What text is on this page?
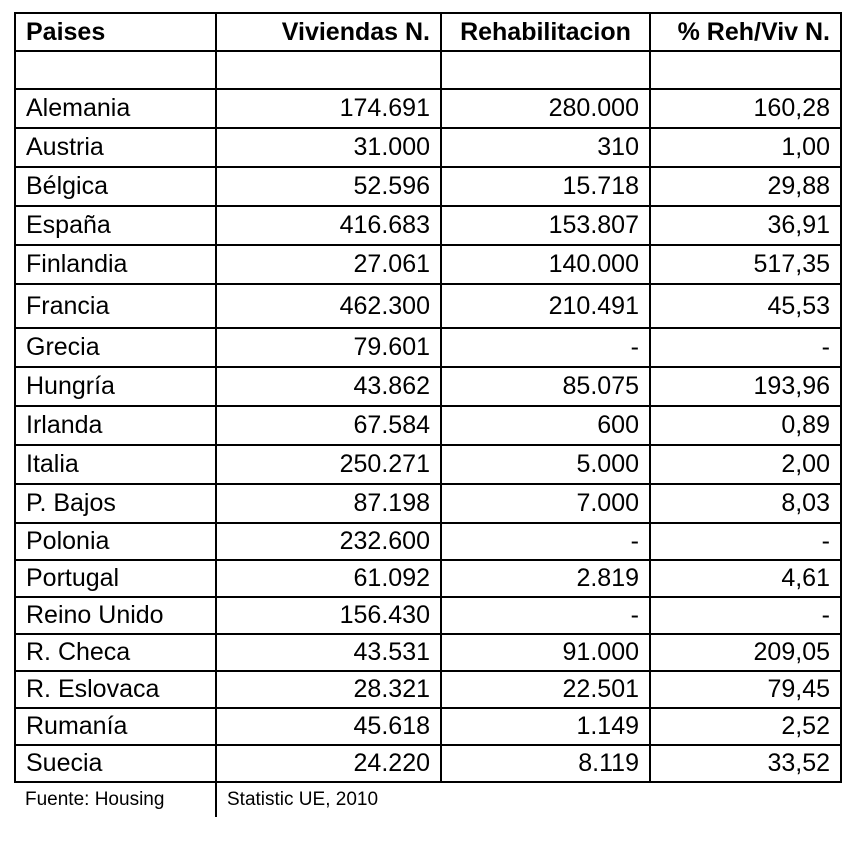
Paises	Viviendas N.	Rehabilitacion	% Reh/Viv N.

Alemania	174.691	280.000	160,28
Austria	31.000	310	1,00
Bélgica	52.596	15.718	29,88
España	416.683	153.807	36,91
Finlandia	27.061	140.000	517,35
Francia	462.300	210.491	45,53
Grecia	79.601	-	-
Hungría	43.862	85.075	193,96
Irlanda	67.584	600	0,89
Italia	250.271	5.000	2,00
P. Bajos	87.198	7.000	8,03
Polonia	232.600	-	-
Portugal	61.092	2.819	4,61
Reino Unido	156.430	-	-
R. Checa	43.531	91.000	209,05
R. Eslovaca	28.321	22.501	79,45
Rumanía	45.618	1.149	2,52
Suecia	24.220	8.119	33,52
Fuente: Housing	Statistic UE, 2010		
